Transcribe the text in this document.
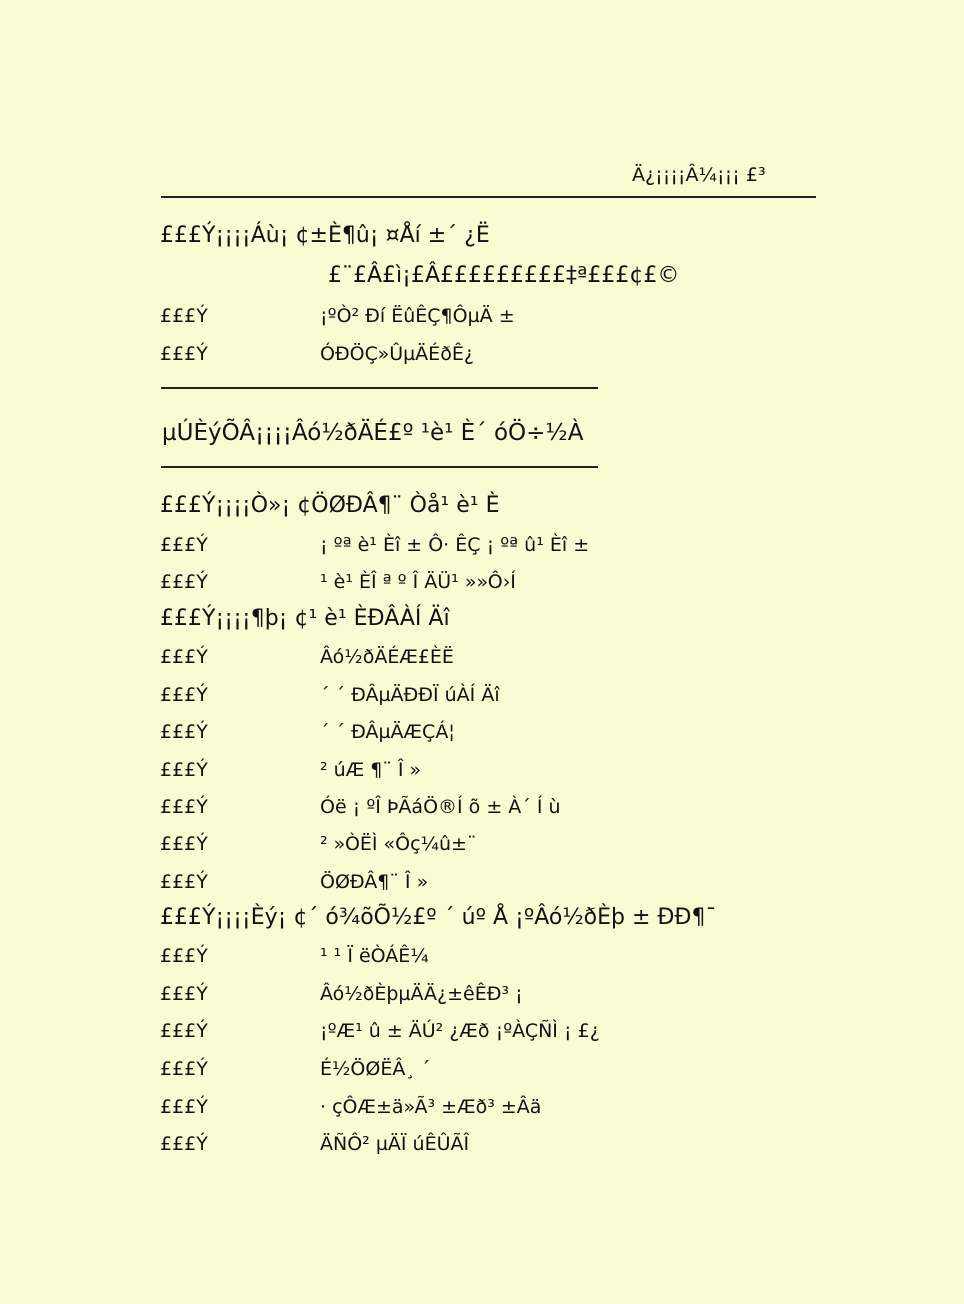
Ä¿¡¡¡¡Â¼¡¡¡ £³
£££Ý¡¡¡¡Áù¡ ¢±È¶û¡ ¤Åí ±´ ¿Ë
£¨£Â£ì¡£Â£££££££££‡ª£££¢£©
£££Ý	¡ºÒ² Ðí ËûÊÇ¶ÔµÄ ±
£££Ý	ÓÐÖÇ»ÛµÄÉðÊ¿
µÚÈýÕÂ¡¡¡¡Âó½ðÄÉ£º ¹è¹ È´ óÖ÷½À
£££Ý¡¡¡¡Ò»¡ ¢ÖØÐÂ¶¨ Òå¹ è¹ È
£££Ý	¡ ºª è¹ Èî ± Ô· ÊÇ ¡ ºª û¹ Èî ±
£££Ý	¹ è¹ ÈÎ ª º Î ÄÜ¹ »»Ô›Í
£££Ý¡¡¡¡¶þ¡ ¢¹ è¹ ÈÐÂÀÍ Äî
£££Ý	Âó½ðÄÉÆ£ÈË
£££Ý	´ ´ ÐÂµÄÐÐÏ úÀÍ Äî
£££Ý	´ ´ ÐÂµÄÆÇÁ¦
£££Ý	² úÆ ¶¨ Î »
£££Ý	Óë ¡ ºÎ ÞÃáÖ®Í õ ± À´ Í ù
£££Ý	² »ÒËÌ «Ôç¼û±¨
£££Ý	ÖØÐÂ¶¨ Î »
£££Ý¡¡¡¡Èý¡ ¢´ ó¾õÕ½£º ´ úº Å ¡ºÂó½ðÈþ ± ÐÐ¶¯
£££Ý	¹ ¹ Ï ëÒÁÊ¼
£££Ý	Âó½ðÈþµÄÄ¿±êÊÐ³ ¡
£££Ý	¡ºÆ¹ û ± ÄÚ² ¿Æð ¡ºÀÇÑÌ ¡ £¿
£££Ý	É½ÖØËÂ¸ ´
£££Ý	· çÔÆ±ä»Ã³ ±Æð³ ±Âä
£££Ý	ÄÑÔ² µÄÏ úÊÛÃÎ
